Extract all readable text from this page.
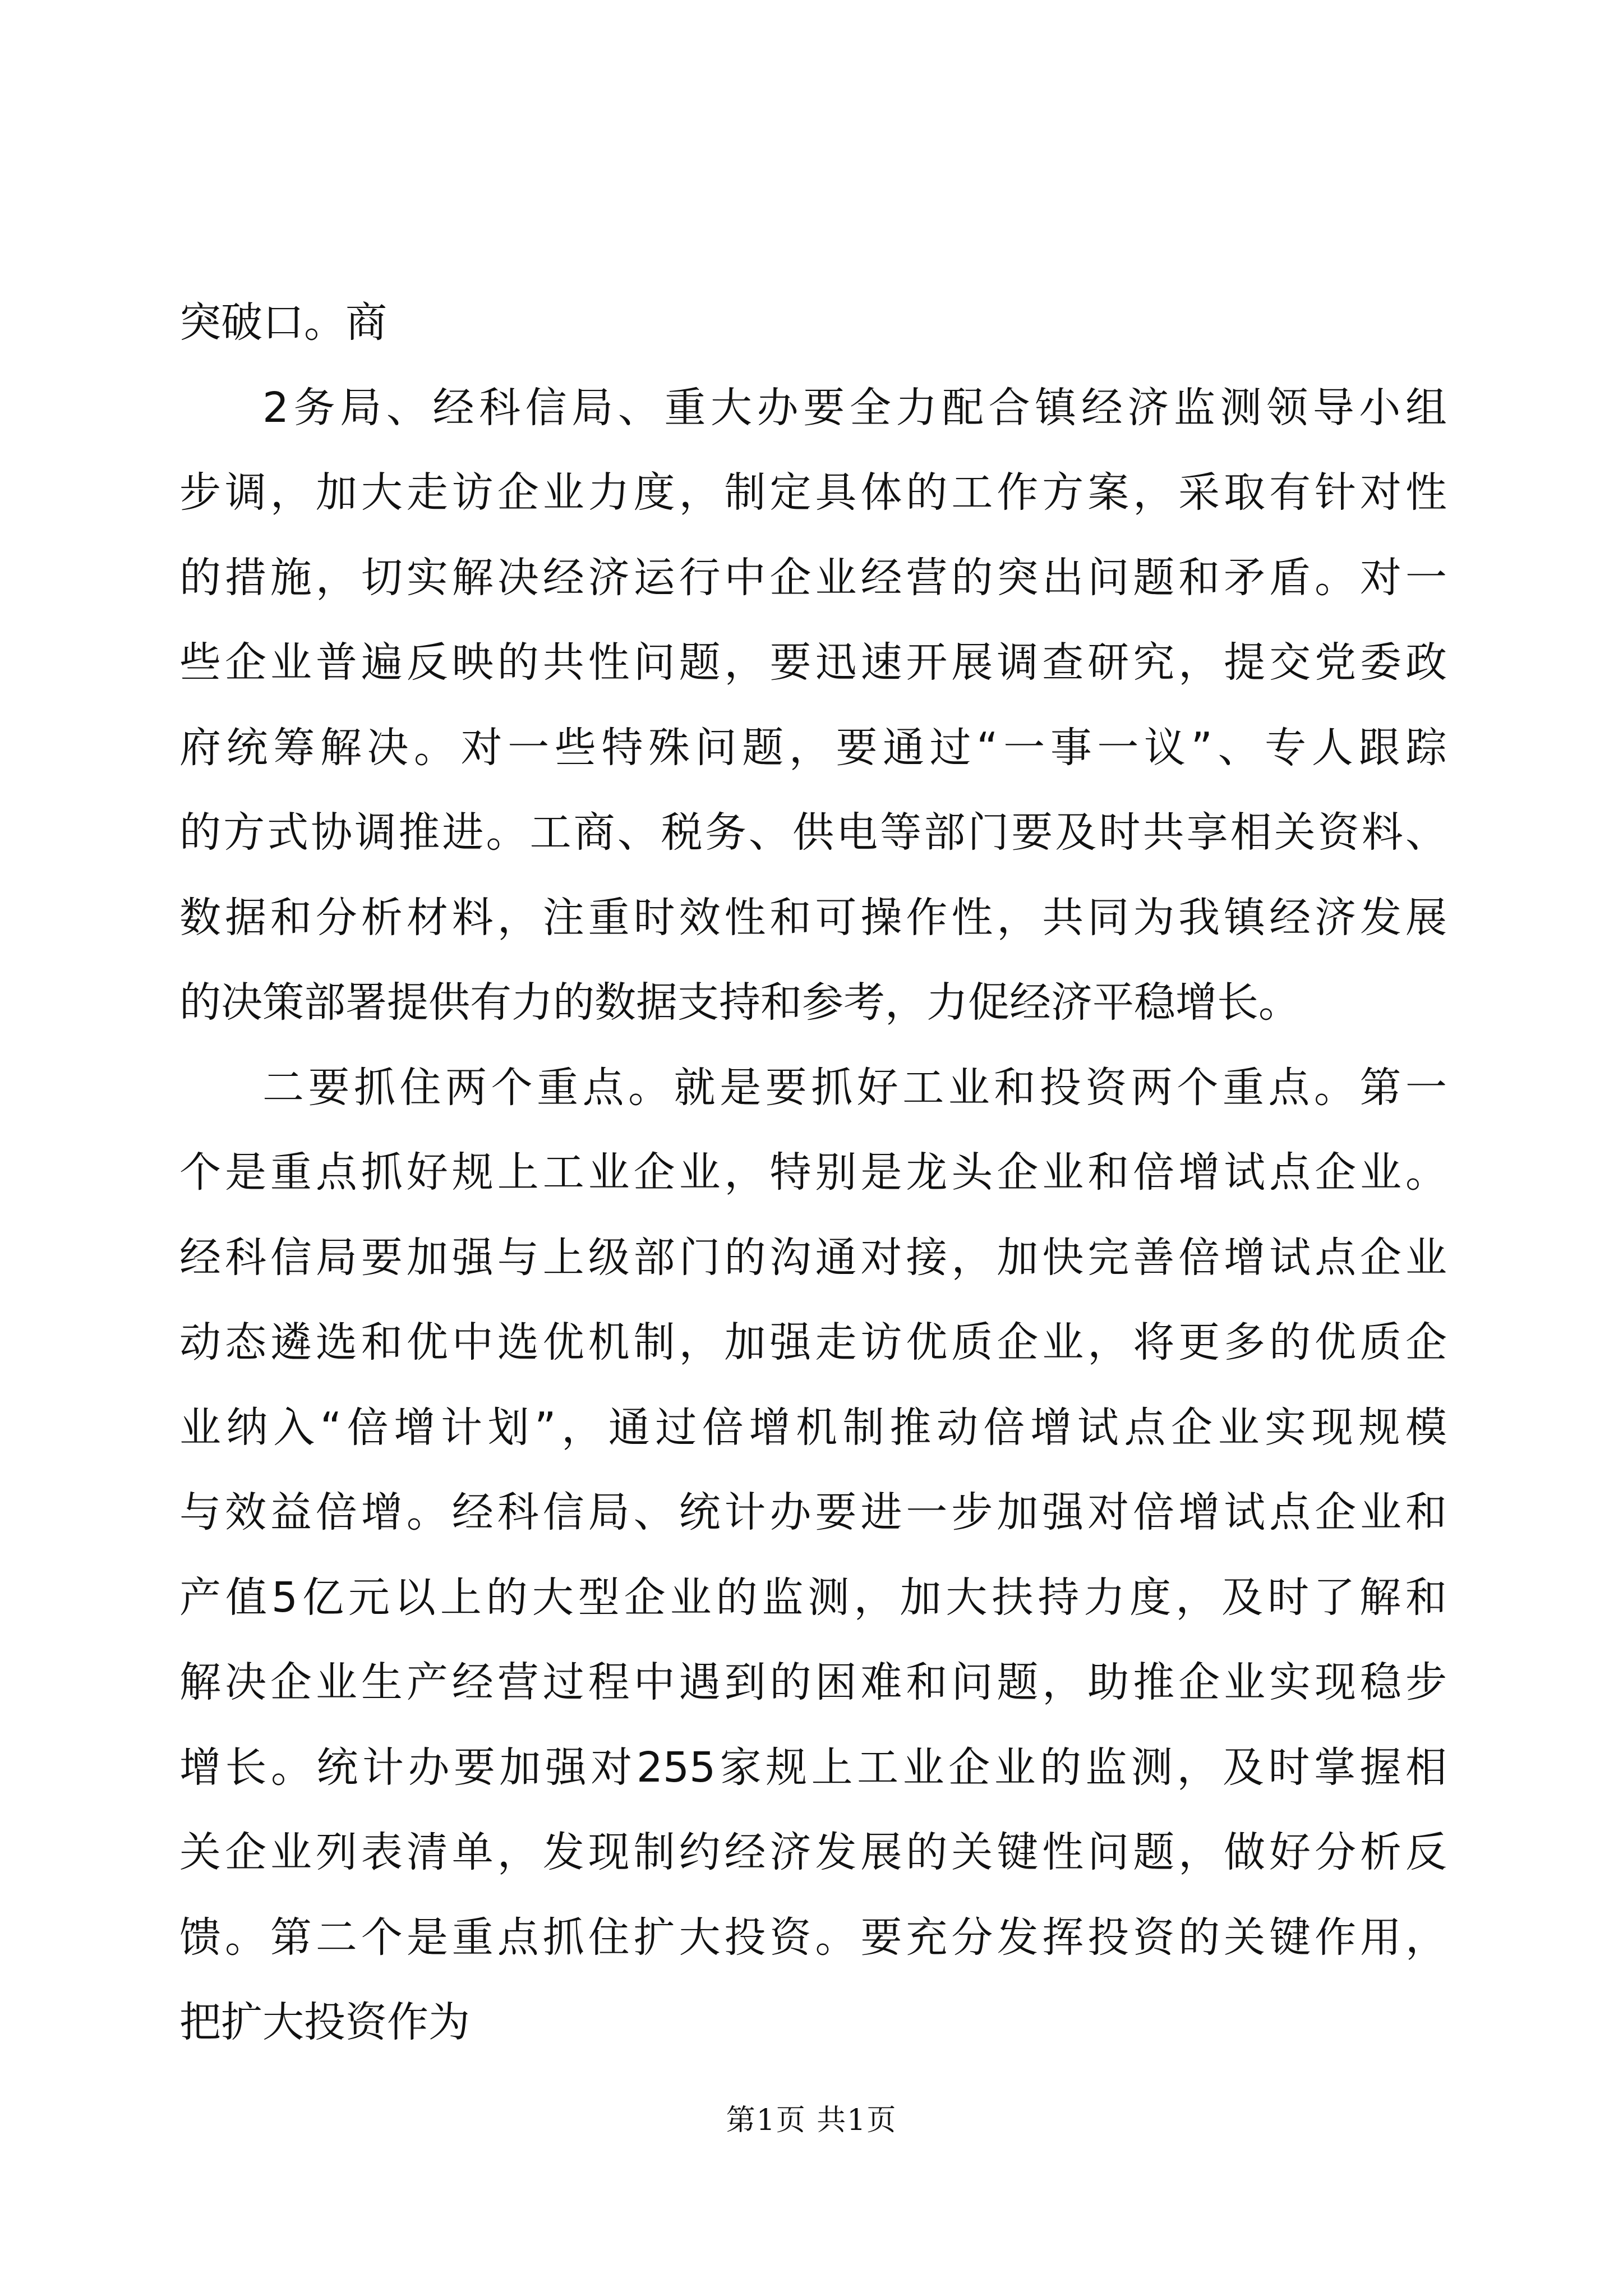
突破口。商
2务局、经科信局、重大办要全力配合镇经济监测领导小组
步调，加大走访企业力度，制定具体的工作方案，采取有针对性
的措施，切实解决经济运行中企业经营的突出问题和矛盾。对一
些企业普遍反映的共性问题，要迅速开展调查研究，提交党委政
府统筹解决。对一些特殊问题，要通过“一事一议”、专人跟踪
的方式协调推进。工商、税务、供电等部门要及时共享相关资料、
数据和分析材料，注重时效性和可操作性，共同为我镇经济发展
的决策部署提供有力的数据支持和参考，力促经济平稳增长。
二要抓住两个重点。就是要抓好工业和投资两个重点。第一
个是重点抓好规上工业企业，特别是龙头企业和倍增试点企业。
经科信局要加强与上级部门的沟通对接，加快完善倍增试点企业
动态遴选和优中选优机制，加强走访优质企业，将更多的优质企
业纳入“倍增计划”，通过倍增机制推动倍增试点企业实现规模
与效益倍增。经科信局、统计办要进一步加强对倍增试点企业和
产值5亿元以上的大型企业的监测，加大扶持力度，及时了解和
解决企业生产经营过程中遇到的困难和问题，助推企业实现稳步
增长。统计办要加强对255家规上工业企业的监测，及时掌握相
关企业列表清单，发现制约经济发展的关键性问题，做好分析反
馈。第二个是重点抓住扩大投资。要充分发挥投资的关键作用，
把扩大投资作为
第1页 共1页
